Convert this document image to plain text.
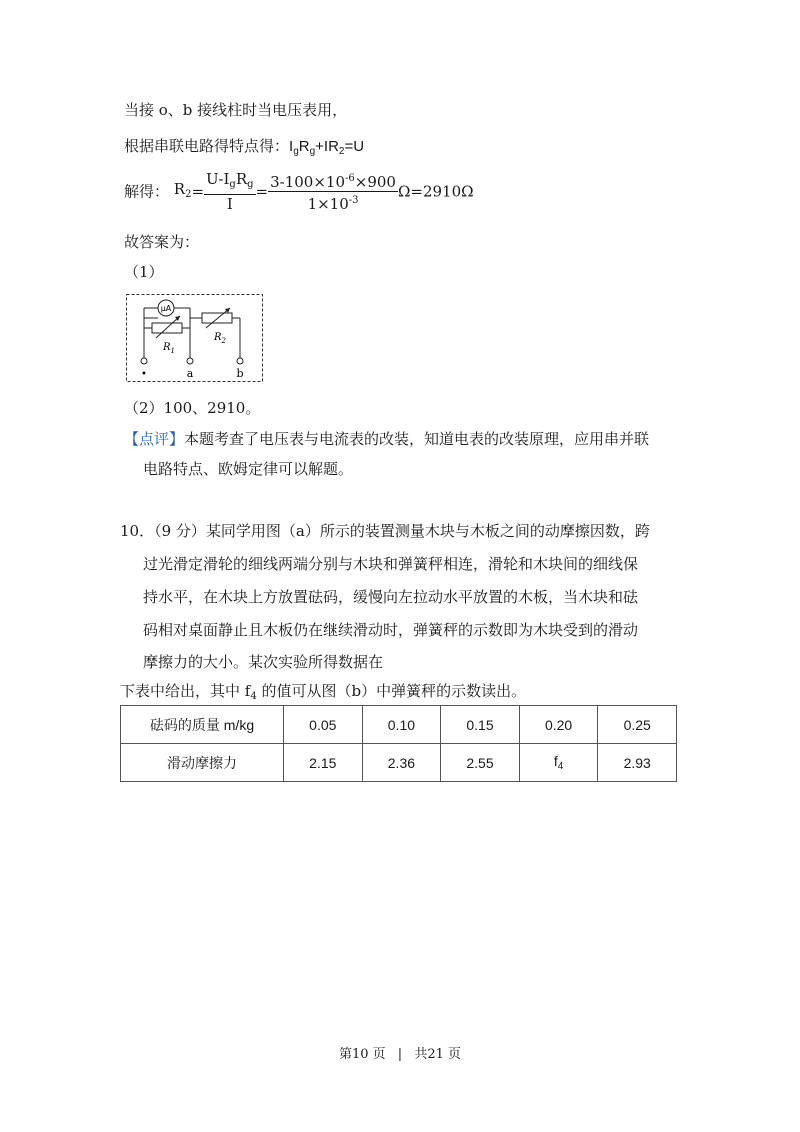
当接 o、b 接线柱时当电压表用，
根据串联电路得特点得：$I_gR_g+IR_2=U$
解得： $R_2= \frac{U-I_gR_g}{I} = \frac{3-100\times 10^{-6}\times 900}{1\times 10^{-3}} \Omega=2910\Omega$
故答案为：
（1）
μA
$R_1$
$R_2$
•	a	b
（2）100、2910。
【点评】本题考查了电压表与电流表的改装，知道电表的改装原理，应用串并联
电路特点、欧姆定律可以解题。
10．（9 分）某同学用图（a）所示的装置测量木块与木板之间的动摩擦因数，跨
过光滑定滑轮的细线两端分别与木块和弹簧秤相连，滑轮和木块间的细线保
持水平，在木块上方放置砝码，缓慢向左拉动水平放置的木板，当木块和砝
码相对桌面静止且木板仍在继续滑动时，弹簧秤的示数即为木块受到的滑动
摩擦力的大小。某次实验所得数据在
下表中给出，其中 $f_4$ 的值可从图（b）中弹簧秤的示数读出。
砝码的质量 m/kg	0.05	0.10	0.15	0.20	0.25
滑动摩擦力	2.15	2.36	2.55	$f_4$	2.93
第10 页 | 共21 页
